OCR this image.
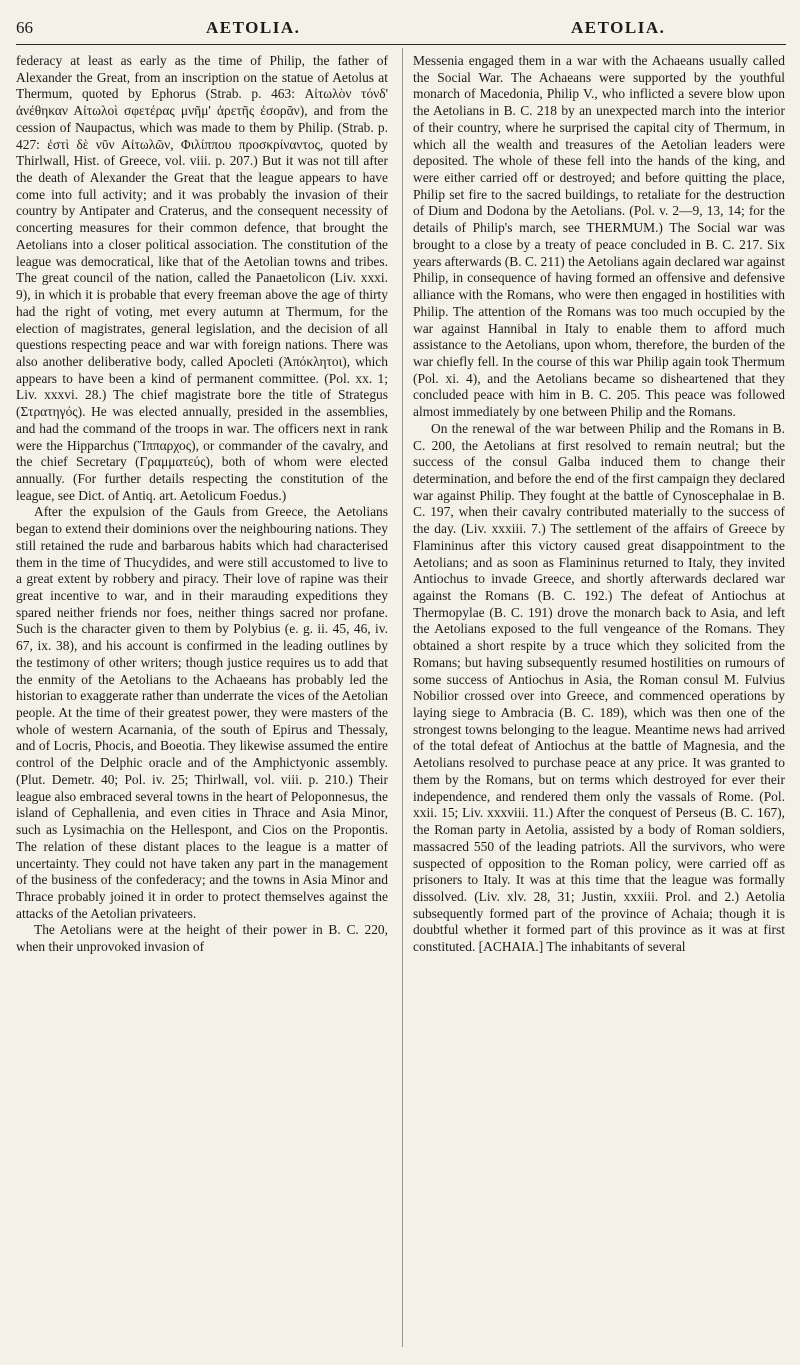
66	AETOLIA.	AETOLIA.

federacy at least as early as the time of Philip, the father of Alexander the Great, from an inscription on the statue of Aetolus at Thermum, quoted by Ephorus (Strab. p. 463: Αἰτωλὸν τόνδ' ἀνέθηκαν Αἰτωλοὶ σφετέρας μνῆμ' ἀρετῆς ἐσορᾶν), and from the cession of Naupactus, which was made to them by Philip. (Strab. p. 427: ἐστὶ δὲ νῦν Αἰτωλῶν, Φιλίππου προσκρίναντος, quoted by Thirlwall, Hist. of Greece, vol. viii. p. 207.) But it was not till after the death of Alexander the Great that the league appears to have come into full activity; and it was probably the invasion of their country by Antipater and Craterus, and the consequent necessity of concerting measures for their common defence, that brought the Aetolians into a closer political association. The constitution of the league was democratical, like that of the Aetolian towns and tribes. The great council of the nation, called the Panaetolicon (Liv. xxxi. 9), in which it is probable that every freeman above the age of thirty had the right of voting, met every autumn at Thermum, for the election of magistrates, general legislation, and the decision of all questions respecting peace and war with foreign nations. There was also another deliberative body, called Apocleti (Ἀπόκλητοι), which appears to have been a kind of permanent committee. (Pol. xx. 1; Liv. xxxvi. 28.) The chief magistrate bore the title of Strategus (Στρατηγός). He was elected annually, presided in the assemblies, and had the command of the troops in war. The officers next in rank were the Hipparchus (Ἵππαρχος), or commander of the cavalry, and the chief Secretary (Γραμματεύς), both of whom were elected annually. (For further details respecting the constitution of the league, see Dict. of Antiq. art. Aetolicum Foedus.)

After the expulsion of the Gauls from Greece, the Aetolians began to extend their dominions over the neighbouring nations. They still retained the rude and barbarous habits which had characterised them in the time of Thucydides, and were still accustomed to live to a great extent by robbery and piracy. Their love of rapine was their great incentive to war, and in their marauding expeditions they spared neither friends nor foes, neither things sacred nor profane. Such is the character given to them by Polybius (e. g. ii. 45, 46, iv. 67, ix. 38), and his account is confirmed in the leading outlines by the testimony of other writers; though justice requires us to add that the enmity of the Aetolians to the Achaeans has probably led the historian to exaggerate rather than underrate the vices of the Aetolian people. At the time of their greatest power, they were masters of the whole of western Acarnania, of the south of Epirus and Thessaly, and of Locris, Phocis, and Boeotia. They likewise assumed the entire control of the Delphic oracle and of the Amphictyonic assembly. (Plut. Demetr. 40; Pol. iv. 25; Thirlwall, vol. viii. p. 210.) Their league also embraced several towns in the heart of Peloponnesus, the island of Cephallenia, and even cities in Thrace and Asia Minor, such as Lysimachia on the Hellespont, and Cios on the Propontis. The relation of these distant places to the league is a matter of uncertainty. They could not have taken any part in the management of the business of the confederacy; and the towns in Asia Minor and Thrace probably joined it in order to protect themselves against the attacks of the Aetolian privateers.

The Aetolians were at the height of their power in B. C. 220, when their unprovoked invasion of

Messenia engaged them in a war with the Achaeans usually called the Social War. The Achaeans were supported by the youthful monarch of Macedonia, Philip V., who inflicted a severe blow upon the Aetolians in B. C. 218 by an unexpected march into the interior of their country, where he surprised the capital city of Thermum, in which all the wealth and treasures of the Aetolian leaders were deposited. The whole of these fell into the hands of the king, and were either carried off or destroyed; and before quitting the place, Philip set fire to the sacred buildings, to retaliate for the destruction of Dium and Dodona by the Aetolians. (Pol. v. 2—9, 13, 14; for the details of Philip's march, see THERMUM.) The Social war was brought to a close by a treaty of peace concluded in B. C. 217. Six years afterwards (B. C. 211) the Aetolians again declared war against Philip, in consequence of having formed an offensive and defensive alliance with the Romans, who were then engaged in hostilities with Philip. The attention of the Romans was too much occupied by the war against Hannibal in Italy to enable them to afford much assistance to the Aetolians, upon whom, therefore, the burden of the war chiefly fell. In the course of this war Philip again took Thermum (Pol. xi. 4), and the Aetolians became so disheartened that they concluded peace with him in B. C. 205. This peace was followed almost immediately by one between Philip and the Romans.

On the renewal of the war between Philip and the Romans in B. C. 200, the Aetolians at first resolved to remain neutral; but the success of the consul Galba induced them to change their determination, and before the end of the first campaign they declared war against Philip. They fought at the battle of Cynoscephalae in B. C. 197, when their cavalry contributed materially to the success of the day. (Liv. xxxiii. 7.) The settlement of the affairs of Greece by Flamininus after this victory caused great disappointment to the Aetolians; and as soon as Flamininus returned to Italy, they invited Antiochus to invade Greece, and shortly afterwards declared war against the Romans (B. C. 192.) The defeat of Antiochus at Thermopylae (B. C. 191) drove the monarch back to Asia, and left the Aetolians exposed to the full vengeance of the Romans. They obtained a short respite by a truce which they solicited from the Romans; but having subsequently resumed hostilities on rumours of some success of Antiochus in Asia, the Roman consul M. Fulvius Nobilior crossed over into Greece, and commenced operations by laying siege to Ambracia (B. C. 189), which was then one of the strongest towns belonging to the league. Meantime news had arrived of the total defeat of Antiochus at the battle of Magnesia, and the Aetolians resolved to purchase peace at any price. It was granted to them by the Romans, but on terms which destroyed for ever their independence, and rendered them only the vassals of Rome. (Pol. xxii. 15; Liv. xxxviii. 11.) After the conquest of Perseus (B. C. 167), the Roman party in Aetolia, assisted by a body of Roman soldiers, massacred 550 of the leading patriots. All the survivors, who were suspected of opposition to the Roman policy, were carried off as prisoners to Italy. It was at this time that the league was formally dissolved. (Liv. xlv. 28, 31; Justin, xxxiii. Prol. and 2.) Aetolia subsequently formed part of the province of Achaia; though it is doubtful whether it formed part of this province as it was at first constituted. [ACHAIA.] The inhabitants of several
